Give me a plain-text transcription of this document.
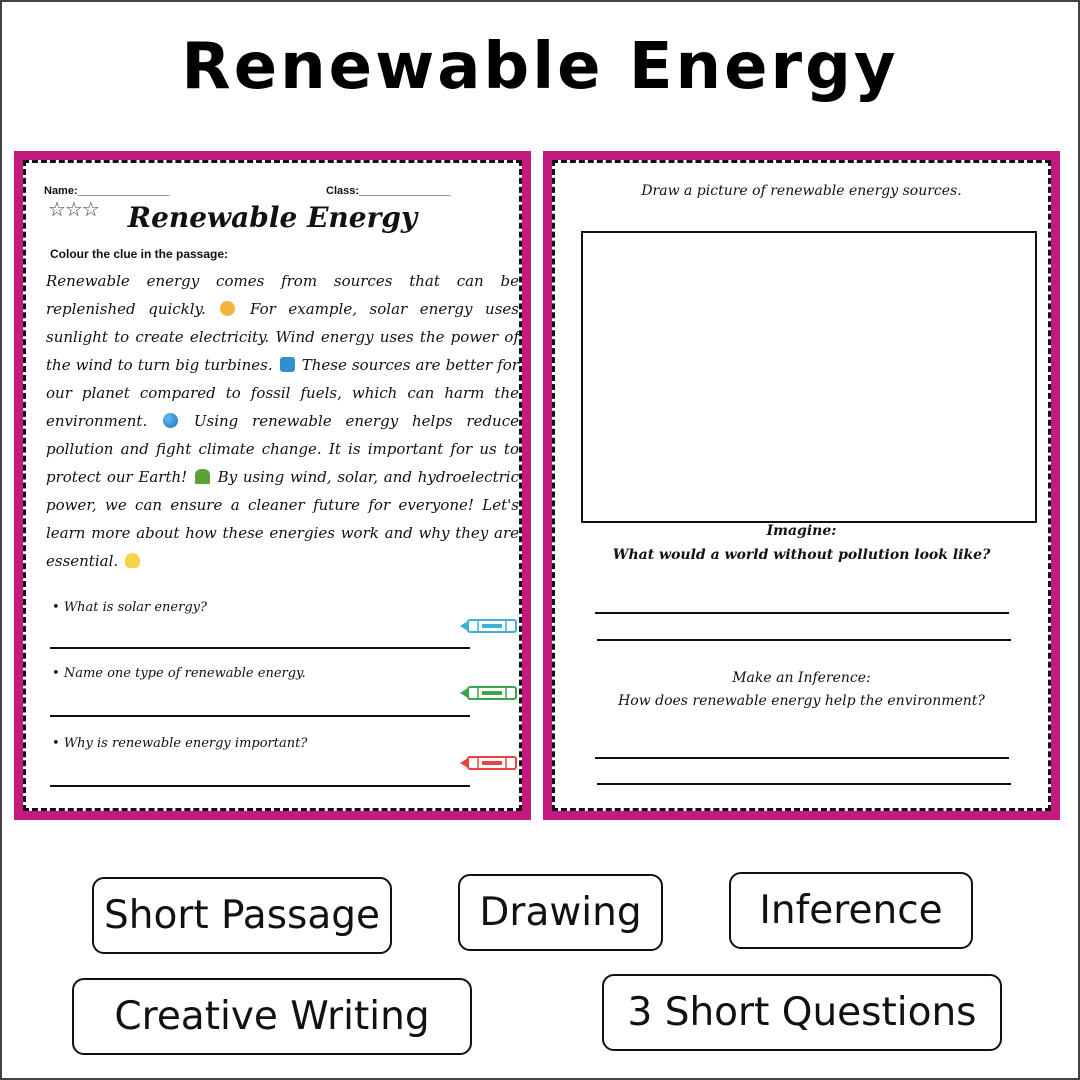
Renewable Energy
Name:_______________	Class:_______________
☆☆☆	Renewable Energy
Colour the clue in the passage:
Renewable energy comes from sources that can be replenished quickly.	For example, solar energy uses sunlight to create electricity. Wind energy uses the power of the wind to turn big turbines. These sources are better for our planet compared to fossil fuels, which can harm the environment.	Using renewable energy helps reduce pollution and fight climate change. It is important for us to protect our Earth! By using wind, solar, and hydroelectric power, we can ensure a cleaner future for everyone! Let's learn more about how these energies work and why they are essential.
• What is solar energy?
• Name one type of renewable energy.
• Why is renewable energy important?
Draw a picture of renewable energy sources.
Imagine:
What would a world without pollution look like?
Make an Inference:
How does renewable energy help the environment?
Short Passage	Drawing	Inference
Creative Writing	3 Short Questions
